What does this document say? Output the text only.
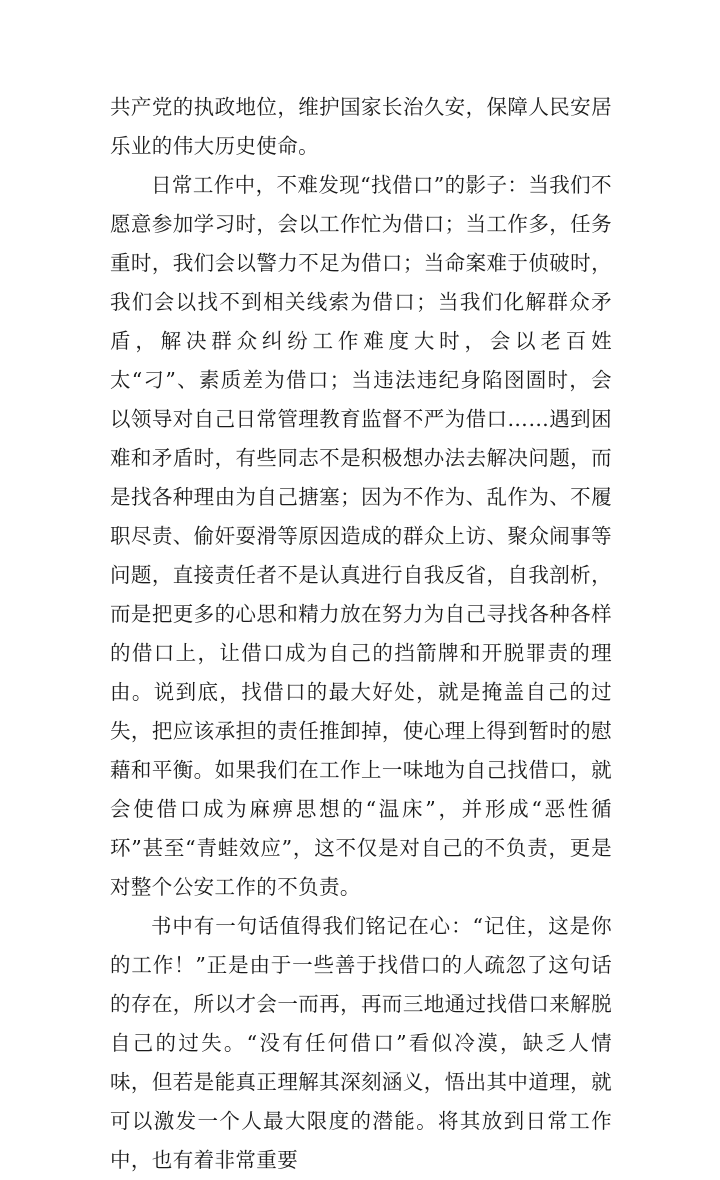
共产党的执政地位，维护国家长治久安，保障人民安居乐业的伟大历史使命。

日常工作中，不难发现“找借口”的影子：当我们不愿意参加学习时，会以工作忙为借口；当工作多，任务重时，我们会以警力不足为借口；当命案难于侦破时，我们会以找不到相关线索为借口；当我们化解群众矛盾，解决群众纠纷工作难度大时，会以老百姓太“刁”、素质差为借口；当违法违纪身陷囹圄时，会以领导对自己日常管理教育监督不严为借口……遇到困难和矛盾时，有些同志不是积极想办法去解决问题，而是找各种理由为自己搪塞；因为不作为、乱作为、不履职尽责、偷奸耍滑等原因造成的群众上访、聚众闹事等问题，直接责任者不是认真进行自我反省，自我剖析，而是把更多的心思和精力放在努力为自己寻找各种各样的借口上，让借口成为自己的挡箭牌和开脱罪责的理由。说到底，找借口的最大好处，就是掩盖自己的过失，把应该承担的责任推卸掉，使心理上得到暂时的慰藉和平衡。如果我们在工作上一味地为自己找借口，就会使借口成为麻痹思想的“温床”，并形成“恶性循环”甚至“青蛙效应”，这不仅是对自己的不负责，更是对整个公安工作的不负责。

书中有一句话值得我们铭记在心：“记住，这是你的工作！”正是由于一些善于找借口的人疏忽了这句话的存在，所以才会一而再，再而三地通过找借口来解脱自己的过失。“没有任何借口”看似冷漠，缺乏人情味，但若是能真正理解其深刻涵义，悟出其中道理，就可以激发一个人最大限度的潜能。将其放到日常工作中，也有着非常重要
